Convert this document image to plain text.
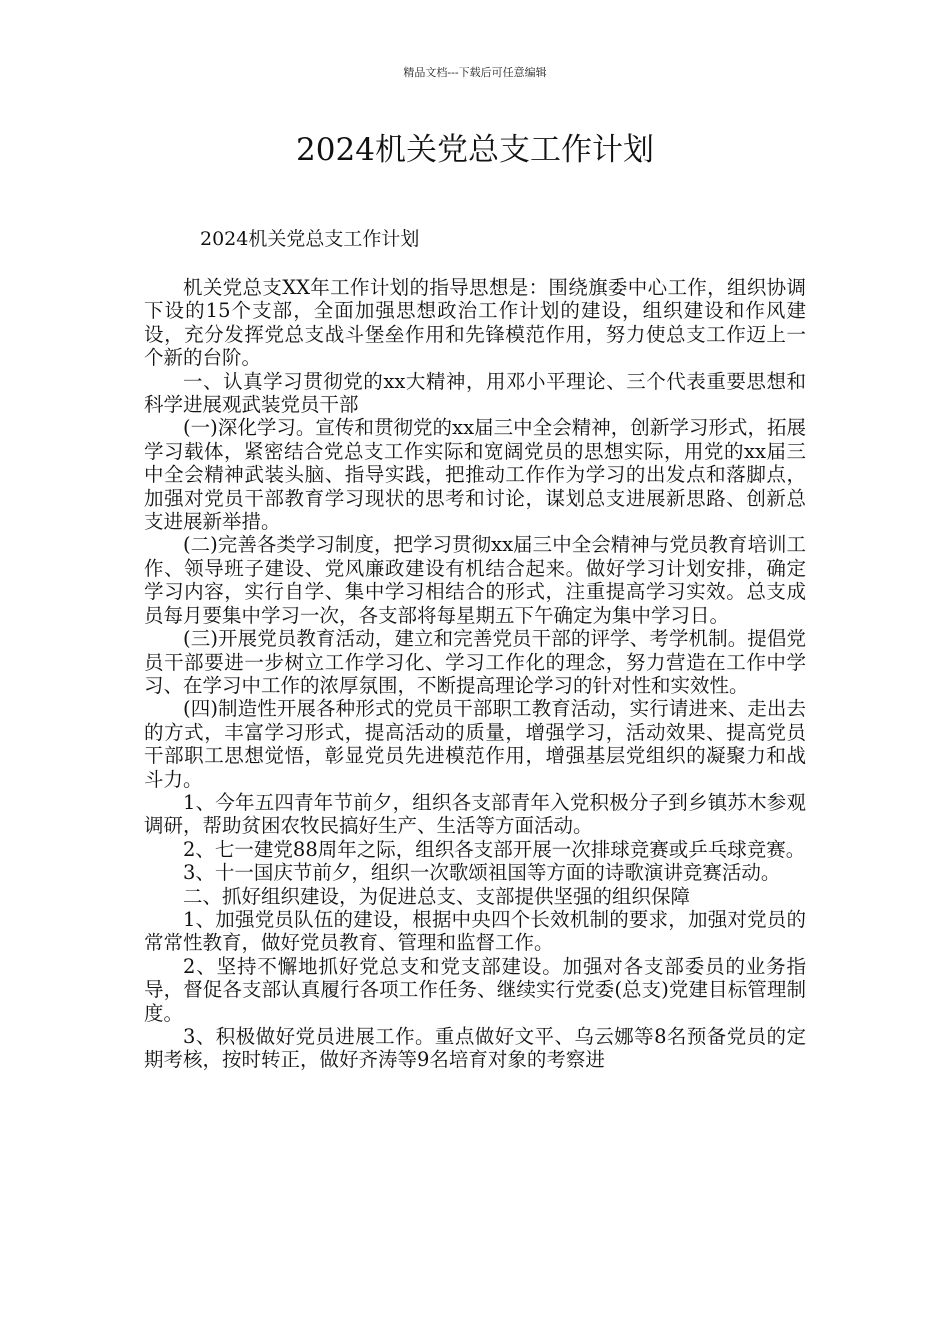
精品文档---下载后可任意编辑
2024机关党总支工作计划

2024机关党总支工作计划

机关党总支XX年工作计划的指导思想是：围绕旗委中心工作，组织协调下设的15个支部，全面加强思想政治工作计划的建设，组织建设和作风建设，充分发挥党总支战斗堡垒作用和先锋模范作用，努力使总支工作迈上一个新的台阶。

一、认真学习贯彻党的xx大精神，用邓小平理论、三个代表重要思想和科学进展观武装党员干部

(一)深化学习。宣传和贯彻党的xx届三中全会精神，创新学习形式，拓展学习载体，紧密结合党总支工作实际和宽阔党员的思想实际，用党的xx届三中全会精神武装头脑、指导实践，把推动工作作为学习的出发点和落脚点，加强对党员干部教育学习现状的思考和讨论，谋划总支进展新思路、创新总支进展新举措。

(二)完善各类学习制度，把学习贯彻xx届三中全会精神与党员教育培训工作、领导班子建设、党风廉政建设有机结合起来。做好学习计划安排，确定学习内容，实行自学、集中学习相结合的形式，注重提高学习实效。总支成员每月要集中学习一次，各支部将每星期五下午确定为集中学习日。

(三)开展党员教育活动，建立和完善党员干部的评学、考学机制。提倡党员干部要进一步树立工作学习化、学习工作化的理念，努力营造在工作中学习、在学习中工作的浓厚氛围，不断提高理论学习的针对性和实效性。

(四)制造性开展各种形式的党员干部职工教育活动，实行请进来、走出去的方式，丰富学习形式，提高活动的质量，增强学习，活动效果、提高党员干部职工思想觉悟，彰显党员先进模范作用，增强基层党组织的凝聚力和战斗力。

1、今年五四青年节前夕，组织各支部青年入党积极分子到乡镇苏木参观调研，帮助贫困农牧民搞好生产、生活等方面活动。

2、七一建党88周年之际，组织各支部开展一次排球竞赛或乒乓球竞赛。

3、十一国庆节前夕，组织一次歌颂祖国等方面的诗歌演讲竞赛活动。

二、抓好组织建设，为促进总支、支部提供坚强的组织保障

1、加强党员队伍的建设，根据中央四个长效机制的要求，加强对党员的常常性教育，做好党员教育、管理和监督工作。

2、坚持不懈地抓好党总支和党支部建设。加强对各支部委员的业务指导，督促各支部认真履行各项工作任务、继续实行党委(总支)党建目标管理制度。

3、积极做好党员进展工作。重点做好文平、乌云娜等8名预备党员的定期考核，按时转正，做好齐涛等9名培育对象的考察进
